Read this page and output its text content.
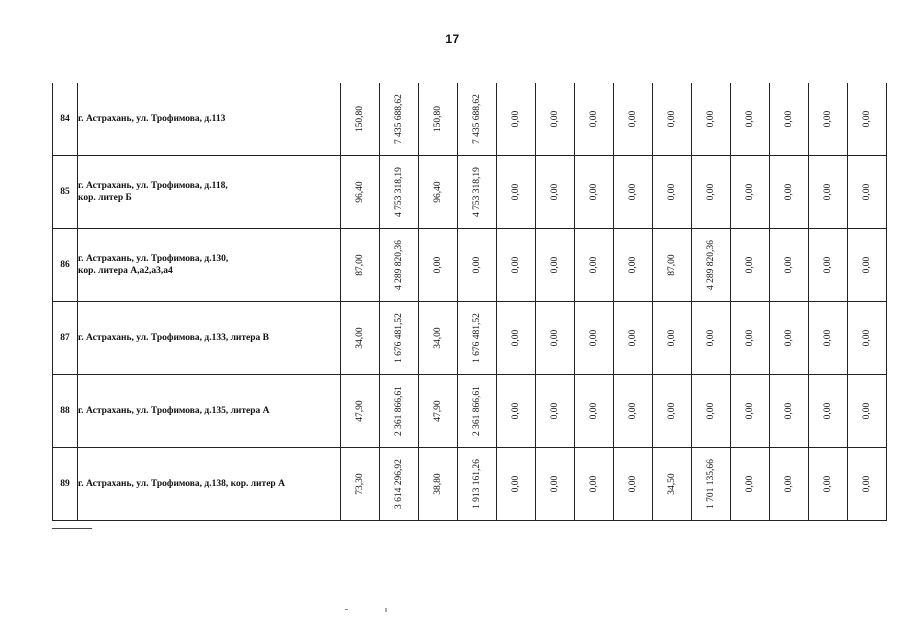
17
84	г. Астрахань, ул. Трофимова, д.113	150,80	7 435 688,62	150,80	7 435 688,62	0,00	0,00	0,00	0,00	0,00	0,00	0,00	0,00	0,00	0,00

85	г. Астрахань, ул. Трофимова, д.118,
кор. литер Б	96,40	4 753 318,19	96,40	4 753 318,19	0,00	0,00	0,00	0,00	0,00	0,00	0,00	0,00	0,00	0,00

86	г. Астрахань, ул. Трофимова, д.130,
кор. литера А,а2,а3,а4	87,00	4 289 820,36	0,00	0,00	0,00	0,00	0,00	0,00	87,00	4 289 820,36	0,00	0,00	0,00	0,00

87	г. Астрахань, ул. Трофимова, д.133, литера В	34,00	1 676 481,52	34,00	1 676 481,52	0,00	0,00	0,00	0,00	0,00	0,00	0,00	0,00	0,00	0,00

88	г. Астрахань, ул. Трофимова, д.135, литера А	47,90	2 361 866,61	47,90	2 361 866,61	0,00	0,00	0,00	0,00	0,00	0,00	0,00	0,00	0,00	0,00

89	г. Астрахань, ул. Трофимова, д.138, кор. литер А	73,30	3 614 296,92	38,80	1 913 161,26	0,00	0,00	0,00	0,00	34,50	1 701 135,66	0,00	0,00	0,00	0,00
